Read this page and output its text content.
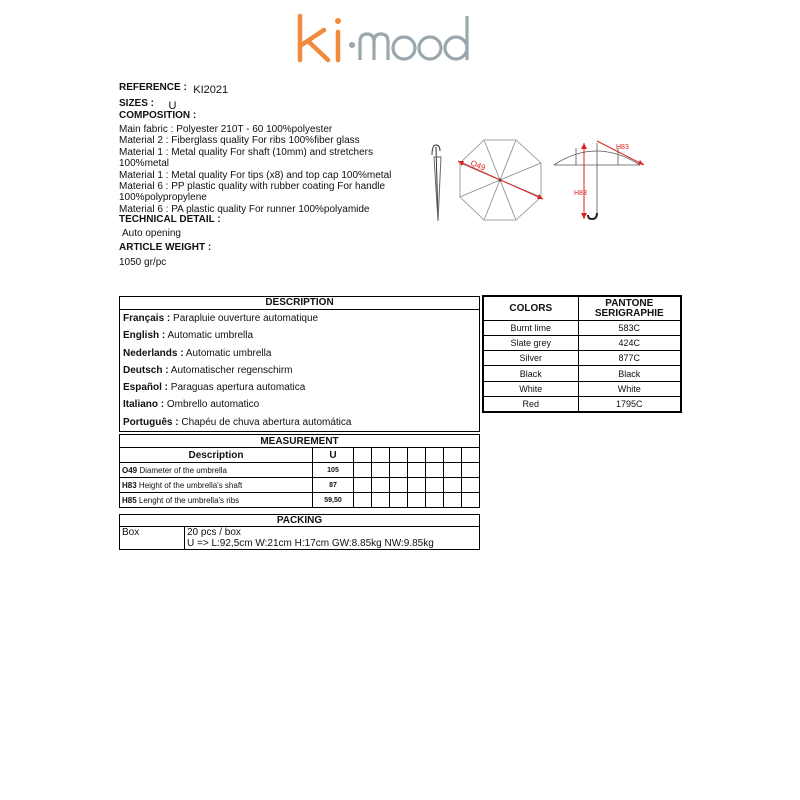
REFERENCE : KI2021
SIZES : U
COMPOSITION :
Main fabric : Polyester 210T - 60 100%polyester
Material 2 : Fiberglass quality For ribs 100%fiber glass
Material 1 : Metal quality For shaft (10mm) and stretchers
100%metal
Material 1 : Metal quality For tips (x8) and top cap 100%metal
Material 6 : PP plastic quality with rubber coating For handle
100%polypropylene
Material 6 : PA plastic quality For runner 100%polyamide
TECHNICAL DETAIL :
Auto opening
ARTICLE WEIGHT :
1050 gr/pc
O49
H83
H83
DESCRIPTION
Français : Parapluie ouverture automatique
English : Automatic umbrella
Nederlands : Automatic umbrella
Deutsch : Automatischer regenschirm
Español : Paraguas apertura automatica
Italiano : Ombrello automatico
Português : Chapéu de chuva abertura automática
COLORS	PANTONE SERIGRAPHIE
Burnt lime	583C
Slate grey	424C
Silver	877C
Black	Black
White	White
Red	1795C
MEASUREMENT								
Description	U							
O49 Diameter of the umbrella	105							
H83 Height of the umbrella's shaft	87							
H85 Lenght of the umbrella's ribs	59,50							
PACKING
Box	20 pcs / box
U => L:92,5cm W:21cm H:17cm GW:8.85kg NW:9.85kg
